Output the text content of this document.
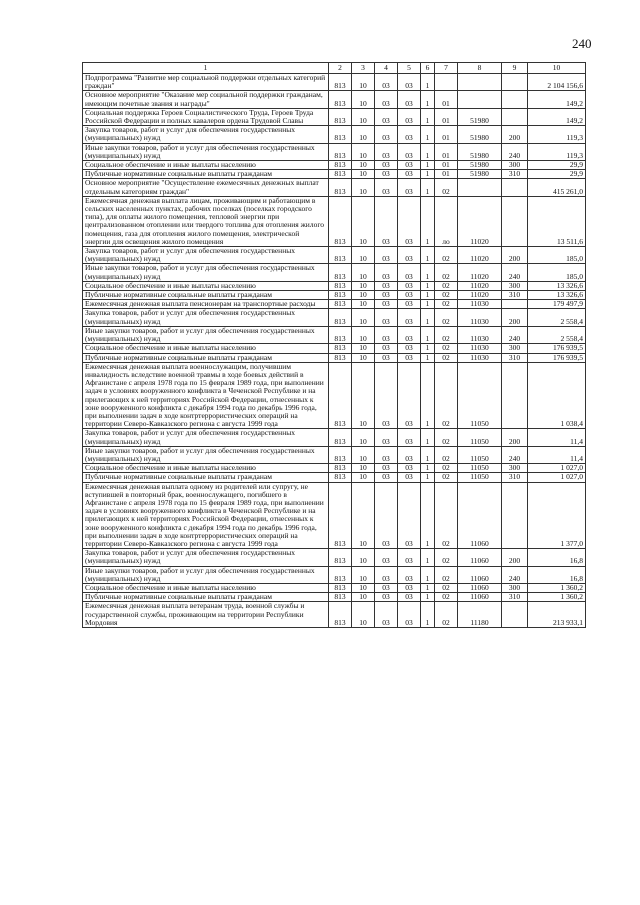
240
1	2	3	4	5	6	7	8	9	10
Подпрограмма "Развитие мер социальной поддержки отдельных категорий граждан"	813	10	03	03	1				2 104 156,6
Основное мероприятие "Оказание мер социальной поддержки гражданам, имеющим почетные звания и награды"	813	10	03	03	1	01			149,2
Социальная поддержка Героев Социалистического Труда, Героев Труда Российской Федерации и полных кавалеров ордена Трудовой Славы	813	10	03	03	1	01	51980		149,2
Закупка товаров, работ и услуг для обеспечения государственных (муниципальных) нужд	813	10	03	03	1	01	51980	200	119,3
Иные закупки товаров, работ и услуг для обеспечения государственных (муниципальных) нужд	813	10	03	03	1	01	51980	240	119,3
Социальное обеспечение и иные выплаты населению	813	10	03	03	1	01	51980	300	29,9
Публичные нормативные социальные выплаты гражданам	813	10	03	03	1	01	51980	310	29,9
Основное мероприятие "Осуществление ежемесячных денежных выплат отдельным категориям граждан"	813	10	03	03	1	02			415 261,0
Ежемесячная денежная выплата лицам, проживающим и работающим в сельских населенных пунктах, рабочих поселках (поселках городского типа), для оплаты жилого помещения, тепловой энергии при централизованном отоплении или твердого топлива для отопления жилого помещения, газа для отопления жилого помещения, электрической энергии для освещения жилого помещения	813	10	03	03	1	ло	11020		13 511,6
Закупка товаров, работ и услуг для обеспечения государственных (муниципальных) нужд	813	10	03	03	1	02	11020	200	185,0
Иные закупки товаров, работ и услуг для обеспечения государственных (муниципальных) нужд	813	10	03	03	1	02	11020	240	185,0
Социальное обеспечение и иные выплаты населению	813	10	03	03	1	02	11020	300	13 326,6
Публичные нормативные социальные выплаты гражданам	813	10	03	03	1	02	11020	310	13 326,6
Ежемесячная денежная выплата пенсионерам на транспортные расходы	813	10	03	03	1	02	11030		179 497,9
Закупка товаров, работ и услуг для обеспечения государственных (муниципальных) нужд	813	10	03	03	1	02	11030	200	2 558,4
Иные закупки товаров, работ и услуг для обеспечения государственных (муниципальных) нужд	813	10	03	03	1	02	11030	240	2 558,4
Социальное обеспечение и иные выплаты населению	813	10	03	03	1	02	11030	300	176 939,5
Публичные нормативные социальные выплаты гражданам	813	10	03	03	1	02	11030	310	176 939,5
Ежемесячная денежная выплата военнослужащим, получившим инвалидность вследствие военной травмы в ходе боевых действий в Афганистане с апреля 1978 года по 15 февраля 1989 года, при выполнении задач в условиях вооруженного конфликта в Чеченской Республике и на прилегающих к ней территориях Российской Федерации, отнесенных к зоне вооруженного конфликта с декабря 1994 года по декабрь 1996 года, при выполнении задач в ходе контртеррористических операций на территории Северо-Кавказского региона с августа 1999 года	813	10	03	03	1	02	11050		1 038,4
Закупка товаров, работ и услуг для обеспечения государственных (муниципальных) нужд	813	10	03	03	1	02	11050	200	11,4
Иные закупки товаров, работ и услуг для обеспечения государственных (муниципальных) нужд	813	10	03	03	1	02	11050	240	11,4
Социальное обеспечение и иные выплаты населению	813	10	03	03	1	02	11050	300	1 027,0
Публичные нормативные социальные выплаты гражданам	813	10	03	03	1	02	11050	310	1 027,0
Ежемесячная денежная выплата одному из родителей или супругу, не вступившей в повторный брак, военнослужащего, погибшего в Афганистане с апреля 1978 года по 15 февраля 1989 года, при выполнении задач в условиях вооруженного конфликта в Чеченской Республике и на прилегающих к ней территориях Российской Федерации, отнесенных к зоне вооруженного конфликта с декабря 1994 года по декабрь 1996 года, при выполнении задач в ходе контртеррористических операций на территории Северо-Кавказского региона с августа 1999 года	813	10	03	03	1	02	11060		1 377,0
Закупка товаров, работ и услуг для обеспечения государственных (муниципальных) нужд	813	10	03	03	1	02	11060	200	16,8
Иные закупки товаров, работ и услуг для обеспечения государственных (муниципальных) нужд	813	10	03	03	1	02	11060	240	16,8
Социальное обеспечение и иные выплаты населению	813	10	03	03	1	02	11060	300	1 360,2
Публичные нормативные социальные выплаты гражданам	813	10	03	03	1	02	11060	310	1 360,2
Ежемесячная денежная выплата ветеранам труда, военной службы и государственной службы, проживающим на территории Республики Мордовия	813	10	03	03	1	02	11180		213 933,1
